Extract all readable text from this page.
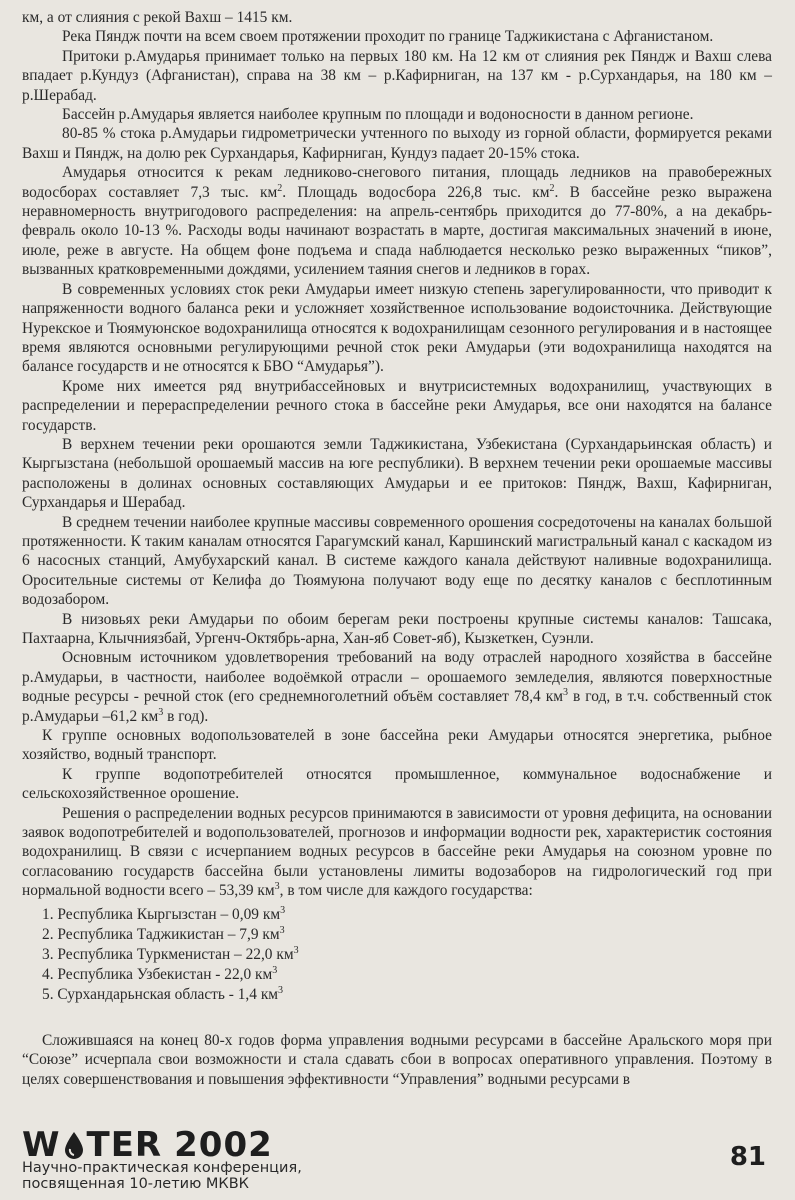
км, а от слияния с рекой Вахш – 1415 км.

Река Пяндж почти на всем своем протяжении проходит по границе Таджикистана с Афганистаном.

Притоки р.Амударья принимает только на первых 180 км. На 12 км от слияния рек Пяндж и Вахш слева впадает р.Кундуз (Афганистан), справа на 38 км – р.Кафирниган, на 137 км - р.Сурхандарья, на 180 км – р.Шерабад.

Бассейн р.Амударья является наиболее крупным по площади и водоносности в данном регионе.

80-85 % стока р.Амударьи гидрометрически учтенного по выходу из горной области, формируется реками Вахш и Пяндж, на долю рек Сурхандарья, Кафирниган, Кундуз падает 20-15% стока.

Амударья относится к рекам ледниково-снегового питания, площадь ледников на правобережных водосборах составляет 7,3 тыс. $км^2$. Площадь водосбора 226,8 тыс. $км^2$. В бассейне резко выражена неравномерность внутригодового распределения: на апрель-сентябрь приходится до 77-80%, а на декабрь-февраль около 10-13 %. Расходы воды начинают возрастать в марте, достигая максимальных значений в июне, июле, реже в августе. На общем фоне подъема и спада наблюдается несколько резко выраженных “пиков”, вызванных кратковременными дождями, усилением таяния снегов и ледников в горах.

В современных условиях сток реки Амударьи имеет низкую степень зарегулированности, что приводит к напряженности водного баланса реки и усложняет хозяйственное использование водоисточника. Действующие Нурекское и Тюямуюнское водохранилища относятся к водохранилищам сезонного регулирования и в настоящее время являются основными регулирующими речной сток реки Амударьи (эти водохранилища находятся на балансе государств и не относятся к БВО “Амударья”).

Кроме них имеется ряд внутрибассейновых и внутрисистемных водохранилищ, участвующих в распределении и перераспределении речного стока в бассейне реки Амударья, все они находятся на балансе государств.

В верхнем течении реки орошаются земли Таджикистана, Узбекистана (Сурхандарьинская область) и Кыргызстана (небольшой орошаемый массив на юге республики). В верхнем течении реки орошаемые массивы расположены в долинах основных составляющих Амударьи и ее притоков: Пяндж, Вахш, Кафирниган, Сурхандарья и Шерабад.

В среднем течении наиболее крупные массивы современного орошения сосредоточены на каналах большой протяженности. К таким каналам относятся Гарагумский канал, Каршинский магистральный канал с каскадом из 6 насосных станций, Амубухарский канал. В системе каждого канала действуют наливные водохранилища. Оросительные системы от Келифа до Тюямуюна получают воду еще по десятку каналов с бесплотинным водозабором.

В низовьях реки Амударьи по обоим берегам реки построены крупные системы каналов: Ташсака, Пахтаарна, Клычниязбай, Ургенч-Октябрь-арна, Хан-яб Совет-яб), Кызкеткен, Суэнли.

Основным источником удовлетворения требований на воду отраслей народного хозяйства в бассейне р.Амударьи, в частности, наиболее водоёмкой отрасли – орошаемого земледелия, являются поверхностные водные ресурсы - речной сток (его среднемноголетний объём составляет 78,4 $км^3$ в год, в т.ч. собственный сток р.Амударьи –61,2 $км^3$ в год).

К группе основных водопользователей в зоне бассейна реки Амударьи относятся энергетика, рыбное хозяйство, водный транспорт.

К группе водопотребителей относятся промышленное, коммунальное водоснабжение и сельскохозяйственное орошение.

Решения о распределении водных ресурсов принимаются в зависимости от уровня дефицита, на основании заявок водопотребителей и водопользователей, прогнозов и информации водности рек, характеристик состояния водохранилищ. В связи с исчерпанием водных ресурсов в бассейне реки Амударья на союзном уровне по согласованию государств бассейна были установлены лимиты водозаборов на гидрологический год при нормальной водности всего – 53,39 $км^3$, в том числе для каждого государства:

1. Республика Кыргызстан – 0,09 $км^3$
2. Республика Таджикистан – 7,9 $км^3$
3. Республика Туркменистан – 22,0 $км^3$
4. Республика Узбекистан - 22,0 $км^3$
5. Сурхандарьнская область - 1,4 $км^3$

Сложившаяся на конец 80-х годов форма управления водными ресурсами в бассейне Аральского моря при “Союзе” исчерпала свои возможности и стала сдавать сбои в вопросах оперативного управления. Поэтому в целях совершенствования и повышения эффективности “Управления” водными ресурсами в

W TER 2002
Научно-практическая конференция,
посвященная 10-летию МКВК
81
